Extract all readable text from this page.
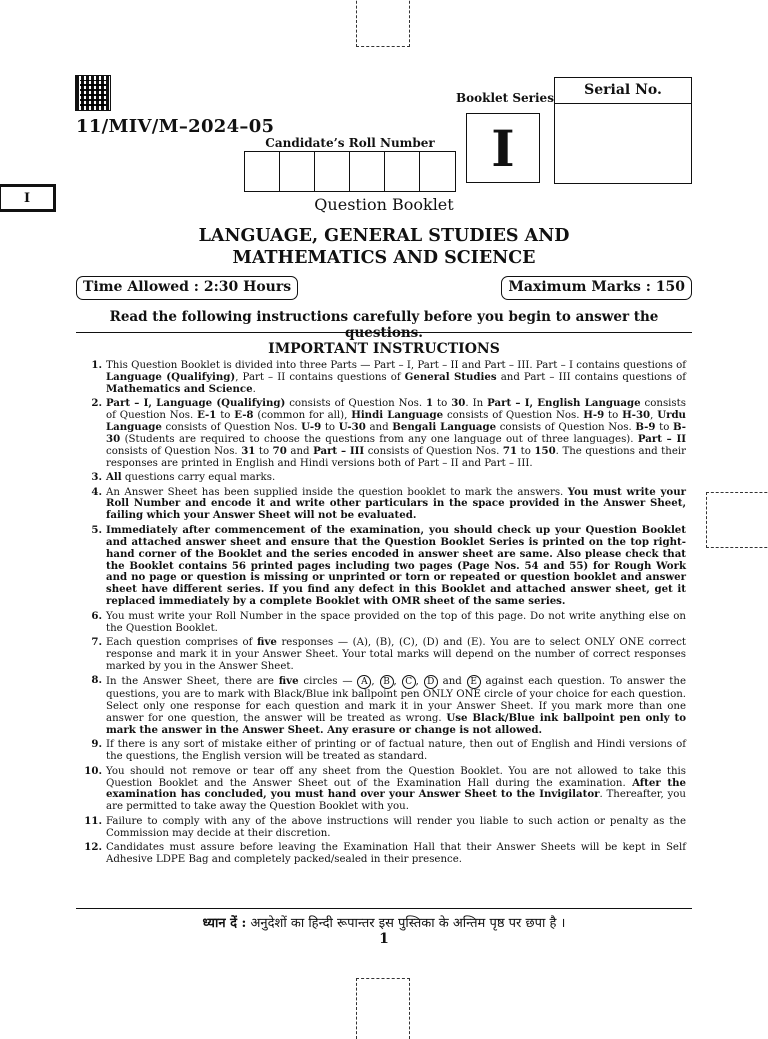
11/MIV/M–2024–05
I
Candidate’s Roll Number
Booklet Series
I
Serial No.
Question Booklet
LANGUAGE, GENERAL STUDIES AND
MATHEMATICS AND SCIENCE
Time Allowed : 2:30 Hours	Maximum Marks : 150
Read the following instructions carefully before you begin to answer the questions.
IMPORTANT INSTRUCTIONS
1. This Question Booklet is divided into three Parts — Part – I, Part – II and Part – III. Part – I contains questions of Language (Qualifying), Part – II contains questions of General Studies and Part – III contains questions of Mathematics and Science.
2. Part – I, Language (Qualifying) consists of Question Nos. 1 to 30. In Part – I, English Language consists of Question Nos. E-1 to E-8 (common for all), Hindi Language consists of Question Nos. H-9 to H-30, Urdu Language consists of Question Nos. U-9 to U-30 and Bengali Language consists of Question Nos. B-9 to B-30 (Students are required to choose the questions from any one language out of three languages). Part – II consists of Question Nos. 31 to 70 and Part – III consists of Question Nos. 71 to 150. The questions and their responses are printed in English and Hindi versions both of Part – II and Part – III.
3. All questions carry equal marks.
4. An Answer Sheet has been supplied inside the question booklet to mark the answers. You must write your Roll Number and encode it and write other particulars in the space provided in the Answer Sheet, failing which your Answer Sheet will not be evaluated.
5. Immediately after commencement of the examination, you should check up your Question Booklet and attached answer sheet and ensure that the Question Booklet Series is printed on the top right-hand corner of the Booklet and the series encoded in answer sheet are same. Also please check that the Booklet contains 56 printed pages including two pages (Page Nos. 54 and 55) for Rough Work and no page or question is missing or unprinted or torn or repeated or question booklet and answer sheet have different series. If you find any defect in this Booklet and attached answer sheet, get it replaced immediately by a complete Booklet with OMR sheet of the same series.
6. You must write your Roll Number in the space provided on the top of this page. Do not write anything else on the Question Booklet.
7. Each question comprises of five responses — (A), (B), (C), (D) and (E). You are to select ONLY ONE correct response and mark it in your Answer Sheet. Your total marks will depend on the number of correct responses marked by you in the Answer Sheet.
8. In the Answer Sheet, there are five circles — A , B , C , D and E against each question. To answer the questions, you are to mark with Black/Blue ink ballpoint pen ONLY ONE circle of your choice for each question. Select only one response for each question and mark it in your Answer Sheet. If you mark more than one answer for one question, the answer will be treated as wrong. Use Black/Blue ink ballpoint pen only to mark the answer in the Answer Sheet. Any erasure or change is not allowed.
9. If there is any sort of mistake either of printing or of factual nature, then out of English and Hindi versions of the questions, the English version will be treated as standard.
10. You should not remove or tear off any sheet from the Question Booklet. You are not allowed to take this Question Booklet and the Answer Sheet out of the Examination Hall during the examination. After the examination has concluded, you must hand over your Answer Sheet to the Invigilator. Thereafter, you are permitted to take away the Question Booklet with you.
11. Failure to comply with any of the above instructions will render you liable to such action or penalty as the Commission may decide at their discretion.
12. Candidates must assure before leaving the Examination Hall that their Answer Sheets will be kept in Self Adhesive LDPE Bag and completely packed/sealed in their presence.
ध्यान दें : अनुदेशों का हिन्दी रूपान्तर इस पुस्तिका के अन्तिम पृष्ठ पर छपा है ।
1
